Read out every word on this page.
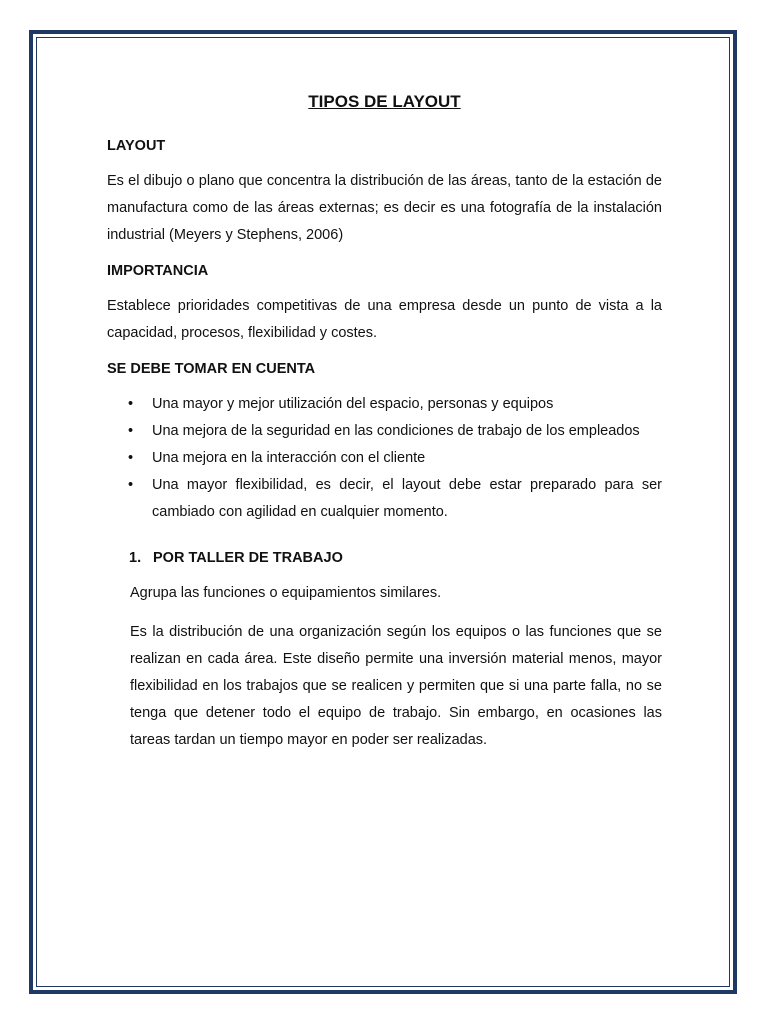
TIPOS DE LAYOUT
LAYOUT
Es el dibujo o plano que concentra la distribución de las áreas, tanto de la estación de manufactura como de las áreas externas; es decir es una fotografía de la instalación industrial (Meyers y Stephens, 2006)
IMPORTANCIA
Establece prioridades competitivas de una empresa desde un punto de vista a la capacidad, procesos, flexibilidad y costes.
SE DEBE TOMAR EN CUENTA
• Una mayor y mejor utilización del espacio, personas y equipos
• Una mejora de la seguridad en las condiciones de trabajo de los empleados
• Una mejora en la interacción con el cliente
• Una mayor flexibilidad, es decir, el layout debe estar preparado para ser cambiado con agilidad en cualquier momento.
1. POR TALLER DE TRABAJO
Agrupa las funciones o equipamientos similares.
Es la distribución de una organización según los equipos o las funciones que se realizan en cada área. Este diseño permite una inversión material menos, mayor flexibilidad en los trabajos que se realicen y permiten que si una parte falla, no se tenga que detener todo el equipo de trabajo. Sin embargo, en ocasiones las tareas tardan un tiempo mayor en poder ser realizadas.
